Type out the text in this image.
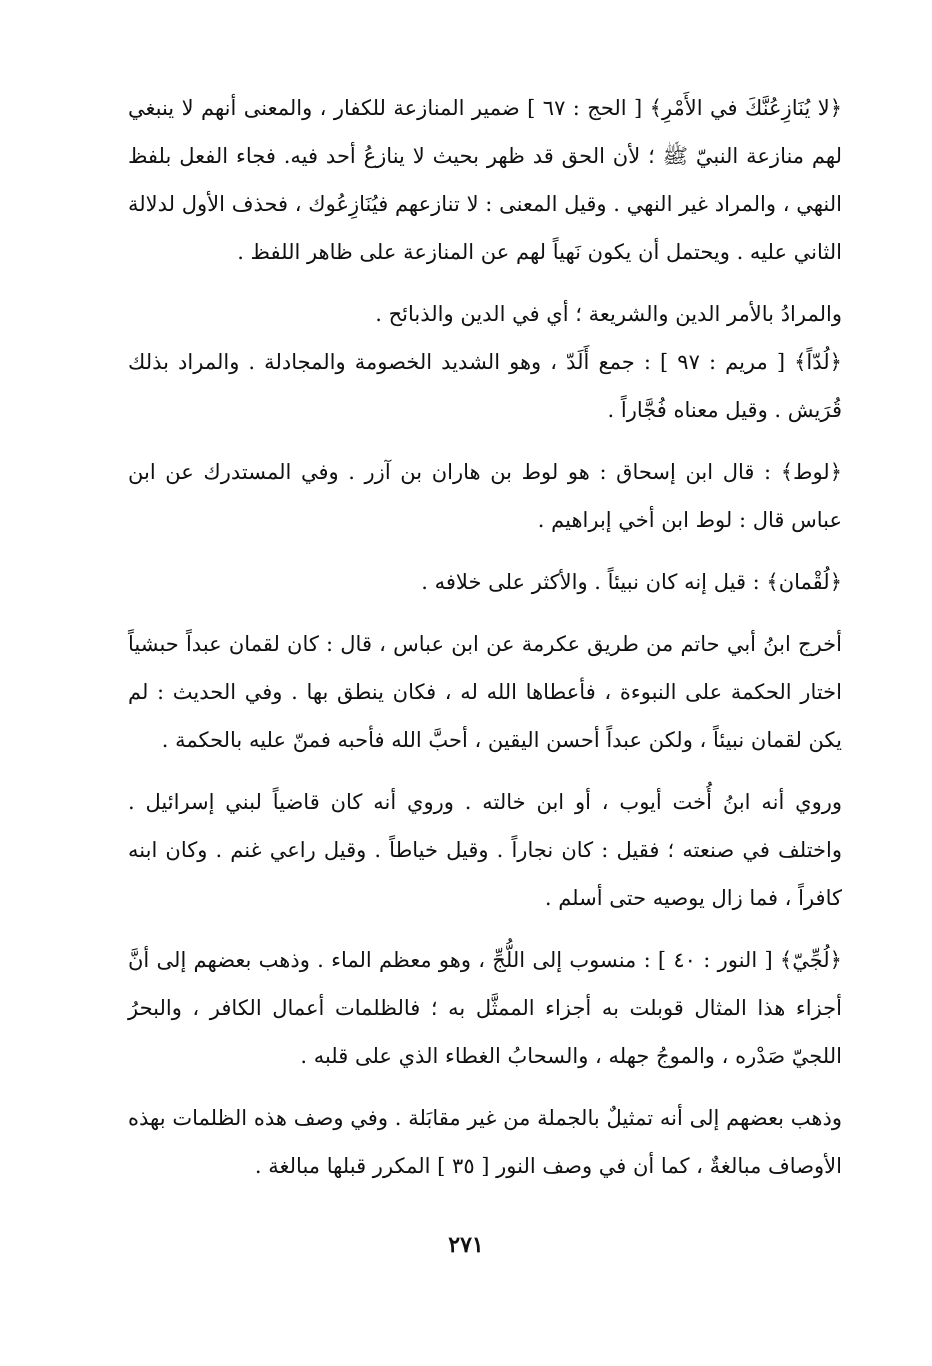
﴿لا يُنَازِعُنَّكَ في الأَمْرِ﴾ [ الحج : ٦٧ ] ضمير المنازعة للكفار ، والمعنى أنهم لا ينبغي لهم منازعة النبيّ ﷺ ؛ لأن الحق قد ظهر بحيث لا ينازعُ أحد فيه. فجاء الفعل بلفظ النهي ، والمراد غير النهي . وقيل المعنى : لا تنازعهم فيُنَازِعُوك ، فحذف الأول لدلالة الثاني عليه . ويحتمل أن يكون نَهياً لهم عن المنازعة على ظاهر اللفظ .

والمرادُ بالأمر الدين والشريعة ؛ أي في الدين والذبائح .

﴿لُدّاً﴾ [ مريم : ٩٧ ] : جمع أَلَدّ ، وهو الشديد الخصومة والمجادلة . والمراد بذلك قُرَيش . وقيل معناه فُجَّاراً .

﴿لوط﴾ : قال ابن إسحاق : هو لوط بن هاران بن آزر . وفي المستدرك عن ابن عباس قال : لوط ابن أخي إبراهيم .

﴿لُقْمان﴾ : قيل إنه كان نبيئاً . والأكثر على خلافه .

أخرج ابنُ أبي حاتم من طريق عكرمة عن ابن عباس ، قال : كان لقمان عبداً حبشياً اختار الحكمة على النبوءة ، فأعطاها الله له ، فكان ينطق بها . وفي الحديث : لم يكن لقمان نبيئاً ، ولكن عبداً أحسن اليقين ، أحبَّ الله فأحبه فمنّ عليه بالحكمة .

وروي أنه ابنُ أُخت أيوب ، أو ابن خالته . وروي أنه كان قاضياً لبني إسرائيل . واختلف في صنعته ؛ فقيل : كان نجاراً . وقيل خياطاً . وقيل راعي غنم . وكان ابنه كافراً ، فما زال يوصيه حتى أسلم .

﴿لُجِّيّ﴾ [ النور : ٤٠ ] : منسوب إلى اللُّجِّ ، وهو معظم الماء . وذهب بعضهم إلى أنَّ أجزاء هذا المثال قوبلت به أجزاء الممثَّل به ؛ فالظلمات أعمال الكافر ، والبحرُ اللجيّ صَدْره ، والموجُ جهله ، والسحابُ الغطاء الذي على قلبه .

وذهب بعضهم إلى أنه تمثيلٌ بالجملة من غير مقابَلة . وفي وصف هذه الظلمات بهذه الأوصاف مبالغةٌ ، كما أن في وصف النور [ ٣٥ ] المكرر قبلها مبالغة .

٢٧١
